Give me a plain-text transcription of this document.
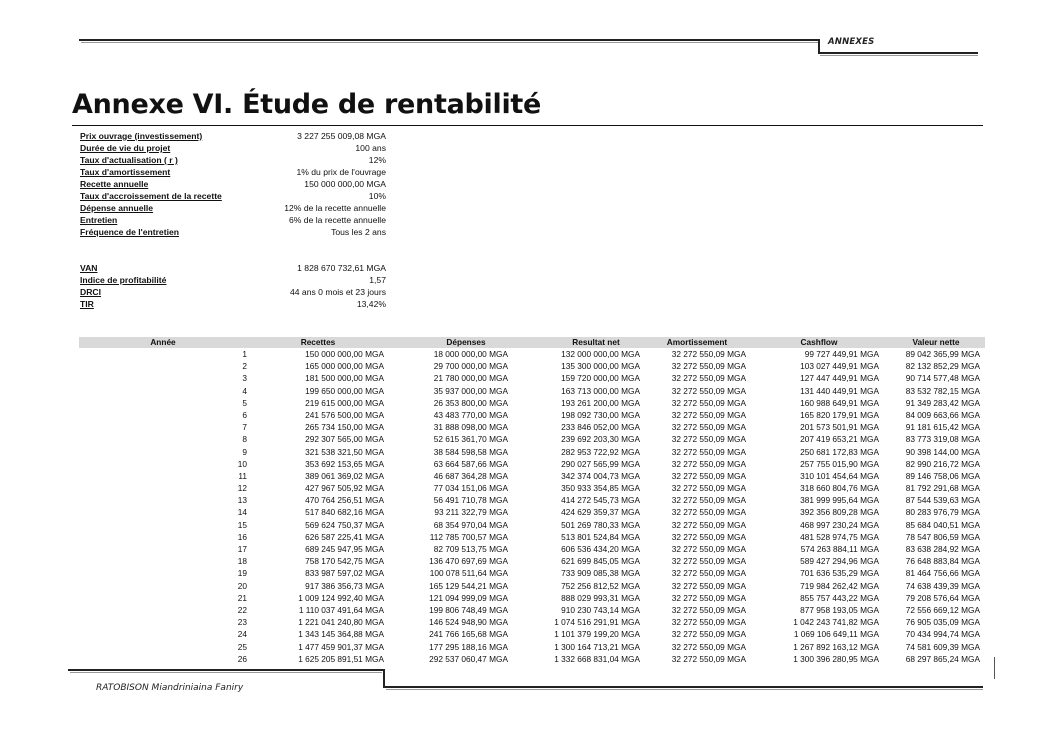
ANNEXES
Annexe VI. Étude de rentabilité
Prix ouvrage (investissement)	3 227 255 009,08 MGA
Durée de vie du projet	100 ans
Taux d'actualisation ( r )	12%
Taux d'amortissement	1% du prix de l'ouvrage
Recette annuelle	150 000 000,00 MGA
Taux d'accroissement de la recette	10%
Dépense annuelle	12% de la recette annuelle
Entretien	6% de la recette annuelle
Fréquence de l'entretien	Tous les 2 ans
VAN	1 828 670 732,61 MGA
Indice de profitabilité	1,57
DRCI	44 ans 0 mois et 23 jours
TIR	13,42%
Année	Recettes	Dépenses	Resultat net	Amortissement	Cashflow	Valeur nette
1	150 000 000,00 MGA	18 000 000,00 MGA	132 000 000,00 MGA	32 272 550,09 MGA	99 727 449,91 MGA	89 042 365,99 MGA
2	165 000 000,00 MGA	29 700 000,00 MGA	135 300 000,00 MGA	32 272 550,09 MGA	103 027 449,91 MGA	82 132 852,29 MGA
3	181 500 000,00 MGA	21 780 000,00 MGA	159 720 000,00 MGA	32 272 550,09 MGA	127 447 449,91 MGA	90 714 577,48 MGA
4	199 650 000,00 MGA	35 937 000,00 MGA	163 713 000,00 MGA	32 272 550,09 MGA	131 440 449,91 MGA	83 532 782,15 MGA
5	219 615 000,00 MGA	26 353 800,00 MGA	193 261 200,00 MGA	32 272 550,09 MGA	160 988 649,91 MGA	91 349 283,42 MGA
6	241 576 500,00 MGA	43 483 770,00 MGA	198 092 730,00 MGA	32 272 550,09 MGA	165 820 179,91 MGA	84 009 663,66 MGA
7	265 734 150,00 MGA	31 888 098,00 MGA	233 846 052,00 MGA	32 272 550,09 MGA	201 573 501,91 MGA	91 181 615,42 MGA
8	292 307 565,00 MGA	52 615 361,70 MGA	239 692 203,30 MGA	32 272 550,09 MGA	207 419 653,21 MGA	83 773 319,08 MGA
9	321 538 321,50 MGA	38 584 598,58 MGA	282 953 722,92 MGA	32 272 550,09 MGA	250 681 172,83 MGA	90 398 144,00 MGA
10	353 692 153,65 MGA	63 664 587,66 MGA	290 027 565,99 MGA	32 272 550,09 MGA	257 755 015,90 MGA	82 990 216,72 MGA
11	389 061 369,02 MGA	46 687 364,28 MGA	342 374 004,73 MGA	32 272 550,09 MGA	310 101 454,64 MGA	89 146 758,06 MGA
12	427 967 505,92 MGA	77 034 151,06 MGA	350 933 354,85 MGA	32 272 550,09 MGA	318 660 804,76 MGA	81 792 291,68 MGA
13	470 764 256,51 MGA	56 491 710,78 MGA	414 272 545,73 MGA	32 272 550,09 MGA	381 999 995,64 MGA	87 544 539,63 MGA
14	517 840 682,16 MGA	93 211 322,79 MGA	424 629 359,37 MGA	32 272 550,09 MGA	392 356 809,28 MGA	80 283 976,79 MGA
15	569 624 750,37 MGA	68 354 970,04 MGA	501 269 780,33 MGA	32 272 550,09 MGA	468 997 230,24 MGA	85 684 040,51 MGA
16	626 587 225,41 MGA	112 785 700,57 MGA	513 801 524,84 MGA	32 272 550,09 MGA	481 528 974,75 MGA	78 547 806,59 MGA
17	689 245 947,95 MGA	82 709 513,75 MGA	606 536 434,20 MGA	32 272 550,09 MGA	574 263 884,11 MGA	83 638 284,92 MGA
18	758 170 542,75 MGA	136 470 697,69 MGA	621 699 845,05 MGA	32 272 550,09 MGA	589 427 294,96 MGA	76 648 883,84 MGA
19	833 987 597,02 MGA	100 078 511,64 MGA	733 909 085,38 MGA	32 272 550,09 MGA	701 636 535,29 MGA	81 464 756,66 MGA
20	917 386 356,73 MGA	165 129 544,21 MGA	752 256 812,52 MGA	32 272 550,09 MGA	719 984 262,42 MGA	74 638 439,39 MGA
21	1 009 124 992,40 MGA	121 094 999,09 MGA	888 029 993,31 MGA	32 272 550,09 MGA	855 757 443,22 MGA	79 208 576,64 MGA
22	1 110 037 491,64 MGA	199 806 748,49 MGA	910 230 743,14 MGA	32 272 550,09 MGA	877 958 193,05 MGA	72 556 669,12 MGA
23	1 221 041 240,80 MGA	146 524 948,90 MGA	1 074 516 291,91 MGA	32 272 550,09 MGA	1 042 243 741,82 MGA	76 905 035,09 MGA
24	1 343 145 364,88 MGA	241 766 165,68 MGA	1 101 379 199,20 MGA	32 272 550,09 MGA	1 069 106 649,11 MGA	70 434 994,74 MGA
25	1 477 459 901,37 MGA	177 295 188,16 MGA	1 300 164 713,21 MGA	32 272 550,09 MGA	1 267 892 163,12 MGA	74 581 609,39 MGA
26	1 625 205 891,51 MGA	292 537 060,47 MGA	1 332 668 831,04 MGA	32 272 550,09 MGA	1 300 396 280,95 MGA	68 297 865,24 MGA
RATOBISON Miandriniaina Faniry
